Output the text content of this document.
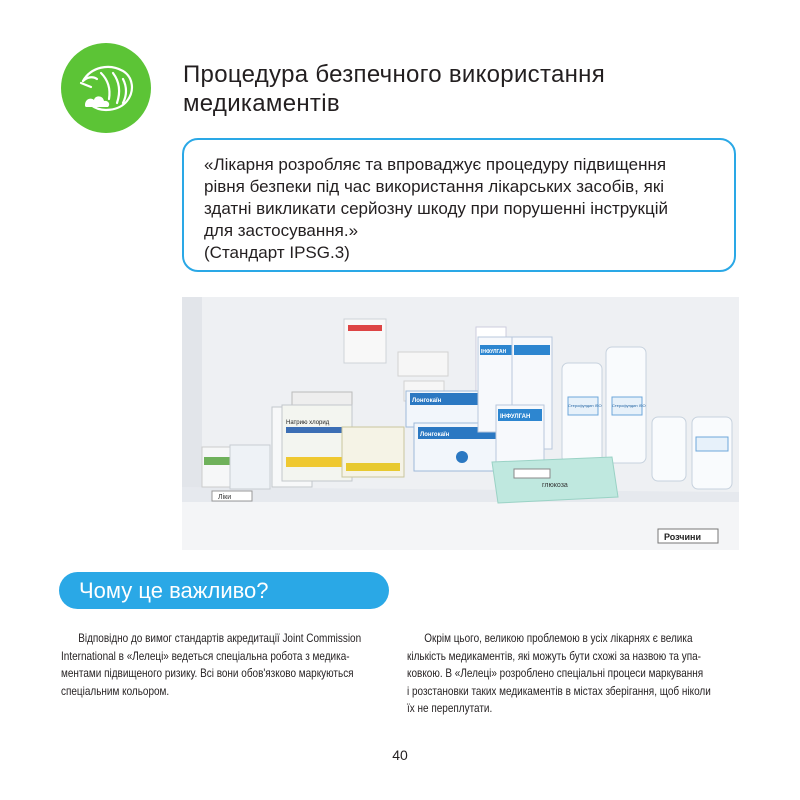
Процедура безпечного використання
медикаментів
«Лікарня розробляє та впроваджує процедуру підвищення
рівня безпеки під час використання лікарських засобів, які
здатні викликати серйозну шкоду при порушенні інструкцій
для застосування.»
(Стандарт IPSG.3)
глюкоза
Ліки
Розчини
Натрию хлорид
Лонгокаїн
Лонгокаїн
ІНФУЛГАН
ІНФУЛГАН
Стерофундин ISO	Стерофундин ISO
Чому це важливо?
Відповідно до вимог стандартів акредитації Joint Commission
International в «Лелеці» ведеться спеціальна робота з медика-
ментами підвищеного ризику. Всі вони обов'язково маркуються
спеціальним кольором.
Окрім цього, великою проблемою в усіх лікарнях є велика
кількість медикаментів, які можуть бути схожі за назвою та упа-
ковкою. В «Лелеці» розроблено спеціальні процеси маркування
і розстановки таких медикаментів в містах зберігання, щоб ніколи
їх не переплутати.
40
